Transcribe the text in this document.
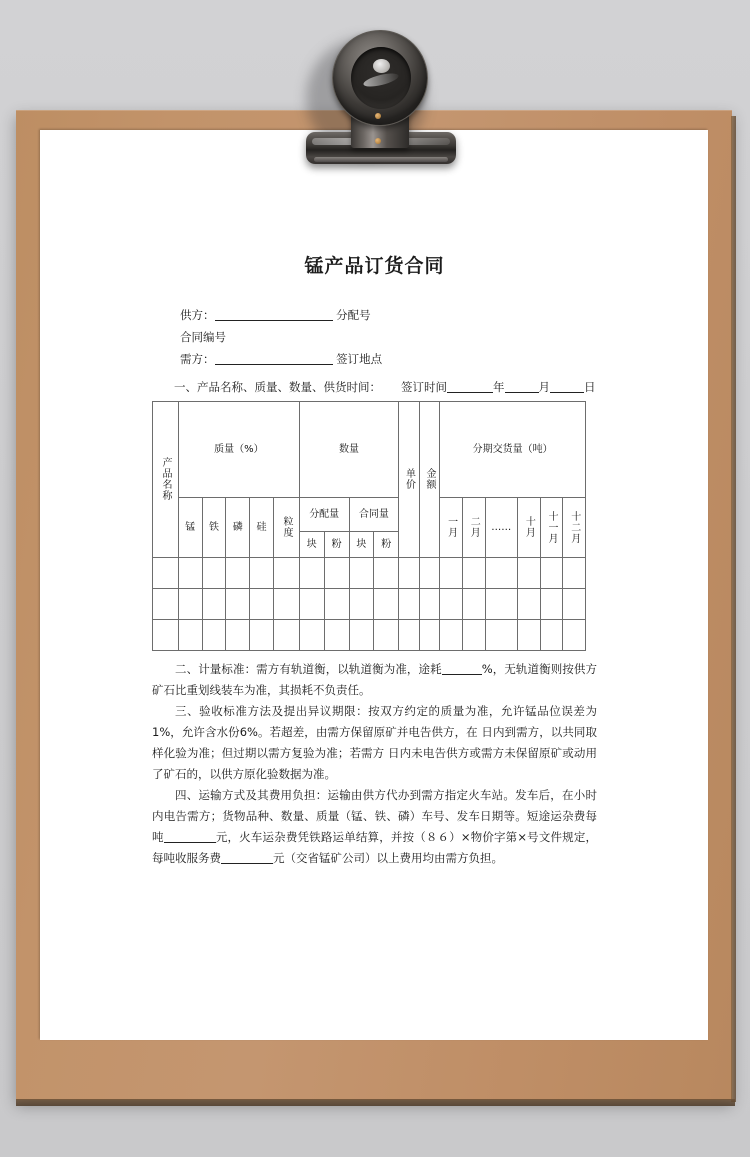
锰产品订货合同
供方：	分配号
合同编号
需方：	签订地点
一、产品名称、质量、数量、供货时间： 签订时间	年	月	日
产品名称	质量（%）					数量				单价	金额	分期交货量（吨）					
	锰	铁	磷	硅	粒度	分配量		合同量				一月	二月	……	十月	十一月	十二月
						块	粉	块	粉								

二、计量标准：需方有轨道衡，以轨道衡为准，途耗	%，无轨道衡则按供方矿石比重划线装车为准，其损耗不负责任。

三、验收标准方法及提出异议期限：按双方约定的质量为准，允许锰品位误差为 1%，允许含水份6%。若超差，由需方保留原矿并电告供方，在 日内到需方，以共同取样化验为准；但过期以需方复验为准；若需方 日内未电告供方或需方未保留原矿或动用了矿石的，以供方原化验数据为准。

四、运输方式及其费用负担：运输由供方代办到需方指定火车站。发车后，在小时内电告需方；货物品种、数量、质量（锰、铁、磷）车号、发车日期等。短途运杂费每吨	元，火车运杂费凭铁路运单结算，并按（８６）×物价字第×号文件规定，每吨收服务费	元（交省锰矿公司）以上费用均由需方负担。
